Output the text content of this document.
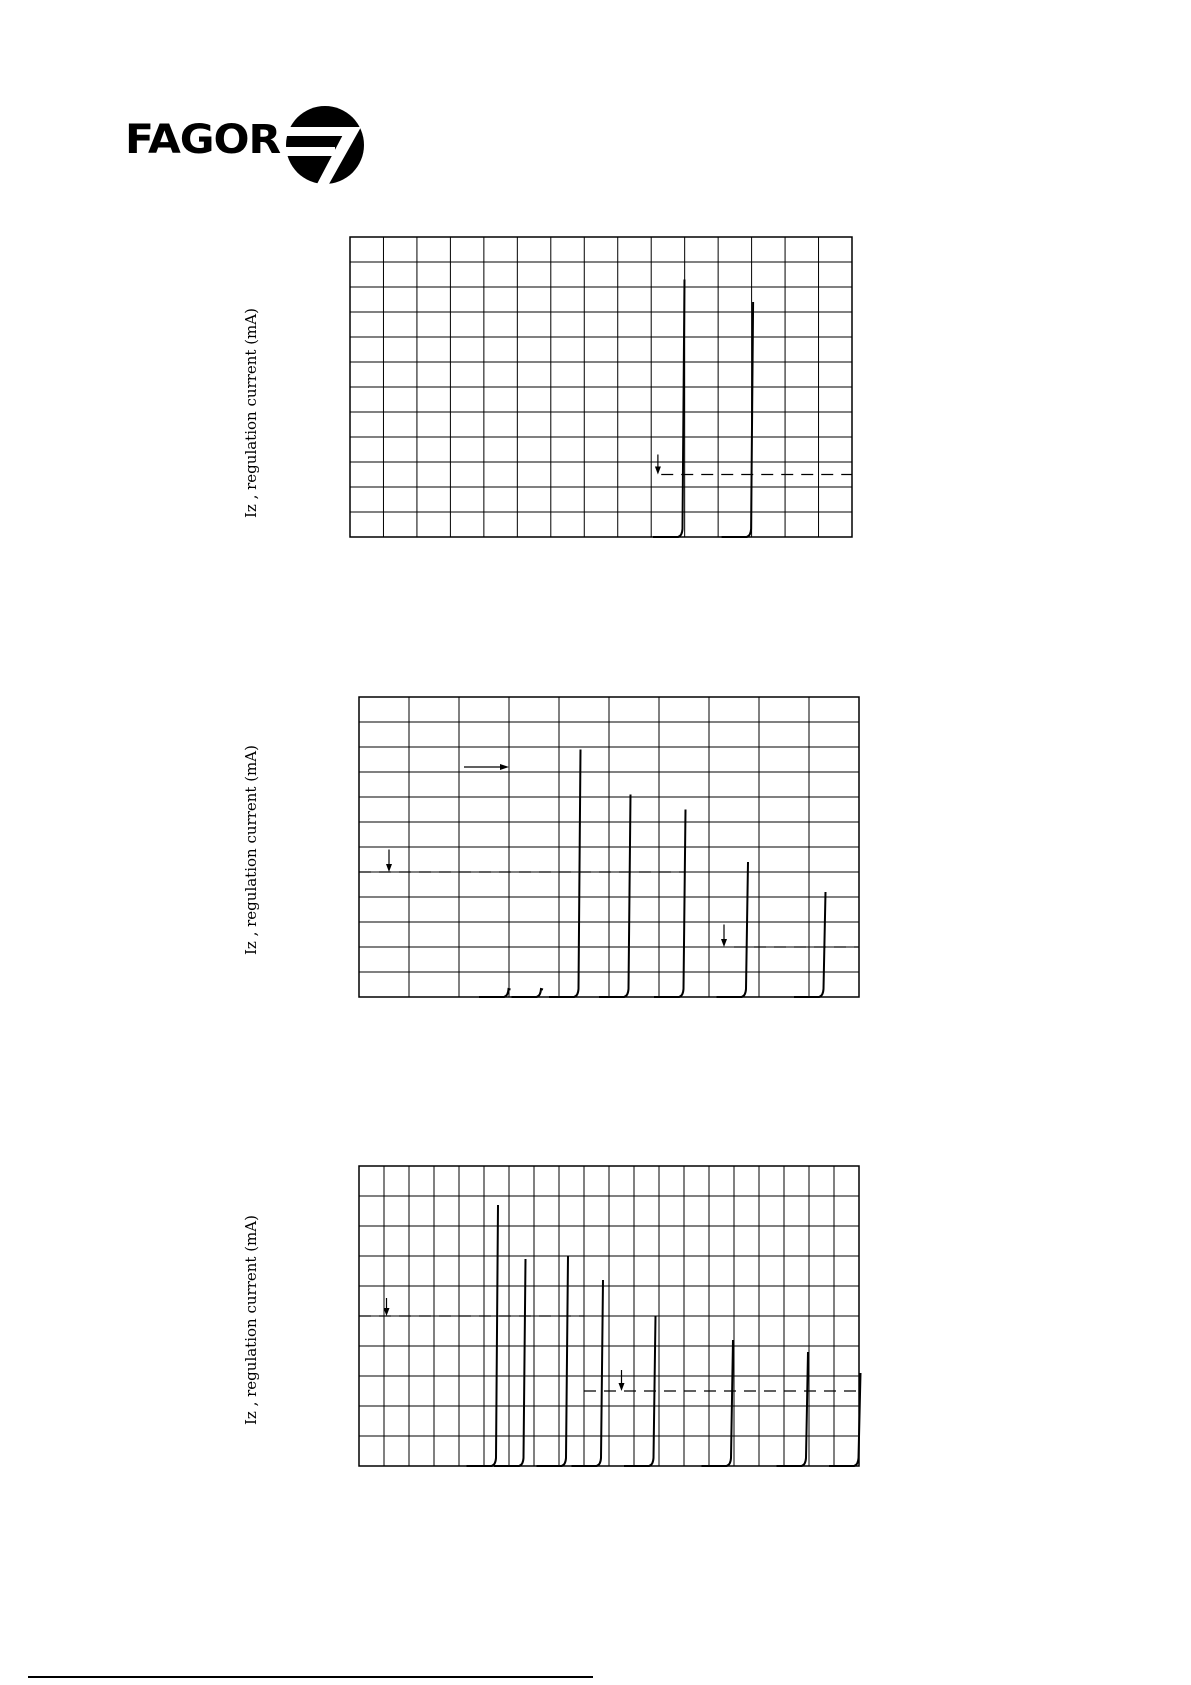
FAGOR
Iz , regulation current (mA)
Iz , regulation current (mA)
Iz , regulation current (mA)
